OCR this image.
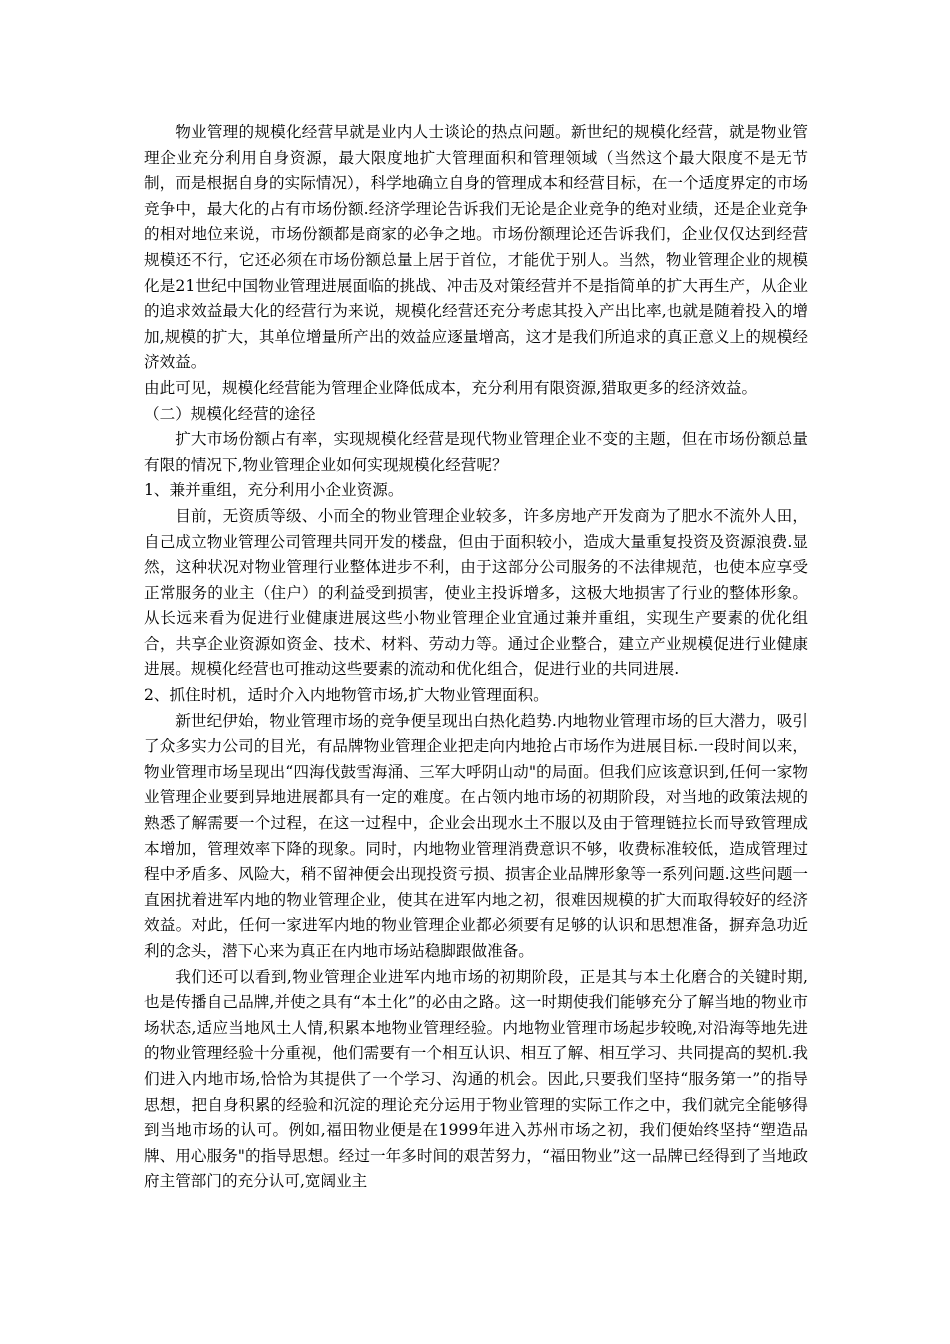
物业管理的规模化经营早就是业内人士谈论的热点问题。新世纪的规模化经营，就是物业管理企业充分利用自身资源，最大限度地扩大管理面积和管理领域（当然这个最大限度不是无节制，而是根据自身的实际情况），科学地确立自身的管理成本和经营目标，在一个适度界定的市场竞争中，最大化的占有市场份额.经济学理论告诉我们无论是企业竞争的绝对业绩，还是企业竞争的相对地位来说，市场份额都是商家的必争之地。市场份额理论还告诉我们，企业仅仅达到经营规模还不行，它还必须在市场份额总量上居于首位，才能优于别人。当然，物业管理企业的规模化是21世纪中国物业管理进展面临的挑战、冲击及对策经营并不是指简单的扩大再生产，从企业的追求效益最大化的经营行为来说，规模化经营还充分考虑其投入产出比率,也就是随着投入的增加,规模的扩大，其单位增量所产出的效益应逐量增高，这才是我们所追求的真正意义上的规模经济效益。

由此可见，规模化经营能为管理企业降低成本，充分利用有限资源,猎取更多的经济效益。

（二）规模化经营的途径

扩大市场份额占有率，实现规模化经营是现代物业管理企业不变的主题，但在市场份额总量有限的情况下,物业管理企业如何实现规模化经营呢？

1、兼并重组，充分利用小企业资源。

目前，无资质等级、小而全的物业管理企业较多，许多房地产开发商为了肥水不流外人田，自己成立物业管理公司管理共同开发的楼盘，但由于面积较小，造成大量重复投资及资源浪费.显然，这种状况对物业管理行业整体进步不利，由于这部分公司服务的不法律规范，也使本应享受正常服务的业主（住户）的利益受到损害，使业主投诉增多，这极大地损害了行业的整体形象。从长远来看为促进行业健康进展这些小物业管理企业宜通过兼并重组，实现生产要素的优化组合，共享企业资源如资金、技术、材料、劳动力等。通过企业整合，建立产业规模促进行业健康进展。规模化经营也可推动这些要素的流动和优化组合，促进行业的共同进展.

2、抓住时机，适时介入内地物管市场,扩大物业管理面积。

新世纪伊始，物业管理市场的竞争便呈现出白热化趋势.内地物业管理市场的巨大潜力，吸引了众多实力公司的目光，有品牌物业管理企业把走向内地抢占市场作为进展目标.一段时间以来，物业管理市场呈现出“四海伐鼓雪海涌、三军大呼阴山动"的局面。但我们应该意识到,任何一家物业管理企业要到异地进展都具有一定的难度。在占领内地市场的初期阶段，对当地的政策法规的熟悉了解需要一个过程，在这一过程中，企业会出现水土不服以及由于管理链拉长而导致管理成本增加，管理效率下降的现象。同时，内地物业管理消费意识不够，收费标准较低，造成管理过程中矛盾多、风险大，稍不留神便会出现投资亏损、损害企业品牌形象等一系列问题.这些问题一直困扰着进军内地的物业管理企业，使其在进军内地之初，很难因规模的扩大而取得较好的经济效益。对此，任何一家进军内地的物业管理企业都必须要有足够的认识和思想准备，摒弃急功近利的念头，潜下心来为真正在内地市场站稳脚跟做准备。

我们还可以看到,物业管理企业进军内地市场的初期阶段，正是其与本土化磨合的关键时期,也是传播自己品牌,并使之具有“本土化”的必由之路。这一时期使我们能够充分了解当地的物业市场状态,适应当地风土人情,积累本地物业管理经验。内地物业管理市场起步较晚,对沿海等地先进的物业管理经验十分重视，他们需要有一个相互认识、相互了解、相互学习、共同提高的契机.我们进入内地市场,恰恰为其提供了一个学习、沟通的机会。因此,只要我们坚持“服务第一”的指导思想，把自身积累的经验和沉淀的理论充分运用于物业管理的实际工作之中，我们就完全能够得到当地市场的认可。例如,福田物业便是在1999年进入苏州市场之初，我们便始终坚持“塑造品牌、用心服务"的指导思想。经过一年多时间的艰苦努力，“福田物业”这一品牌已经得到了当地政府主管部门的充分认可,宽阔业主
